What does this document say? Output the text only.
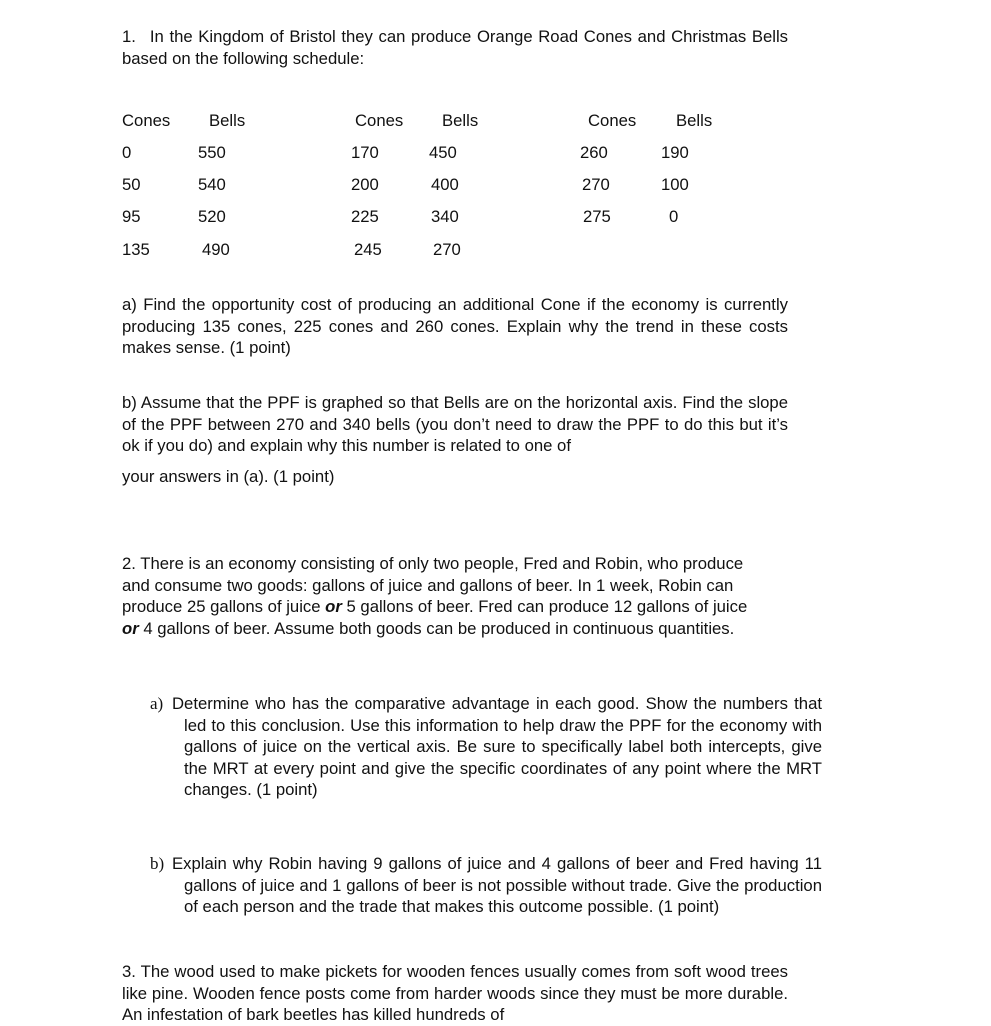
1. In the Kingdom of Bristol they can produce Orange Road Cones and Christmas Bells based on the following schedule:
Cones Bells
0	550
50	540
95	520
135	490
Cones Bells
170	450
200	400
225	340
245	270
Cones Bells
260	190
270	100
275	0
a) Find the opportunity cost of producing an additional Cone if the economy is currently producing 135 cones, 225 cones and 260 cones. Explain why the trend in these costs makes sense. (1 point)
b) Assume that the PPF is graphed so that Bells are on the horizontal axis. Find the slope of the PPF between 270 and 340 bells (you don’t need to draw the PPF to do this but it’s ok if you do) and explain why this number is related to one of
your answers in (a). (1 point)
2. There is an economy consisting of only two people, Fred and Robin, who produce and consume two goods: gallons of juice and gallons of beer. In 1 week, Robin can produce 25 gallons of juice or 5 gallons of beer. Fred can produce 12 gallons of juice or 4 gallons of beer. Assume both goods can be produced in continuous quantities.
a) Determine who has the comparative advantage in each good. Show the numbers that led to this conclusion. Use this information to help draw the PPF for the economy with gallons of juice on the vertical axis. Be sure to specifically label both intercepts, give the MRT at every point and give the specific coordinates of any point where the MRT changes. (1 point)
b) Explain why Robin having 9 gallons of juice and 4 gallons of beer and Fred having 11 gallons of juice and 1 gallons of beer is not possible without trade. Give the production of each person and the trade that makes this outcome possible. (1 point)
3. The wood used to make pickets for wooden fences usually comes from soft wood trees like pine. Wooden fence posts come from harder woods since they must be more durable. An infestation of bark beetles has killed hundreds of
